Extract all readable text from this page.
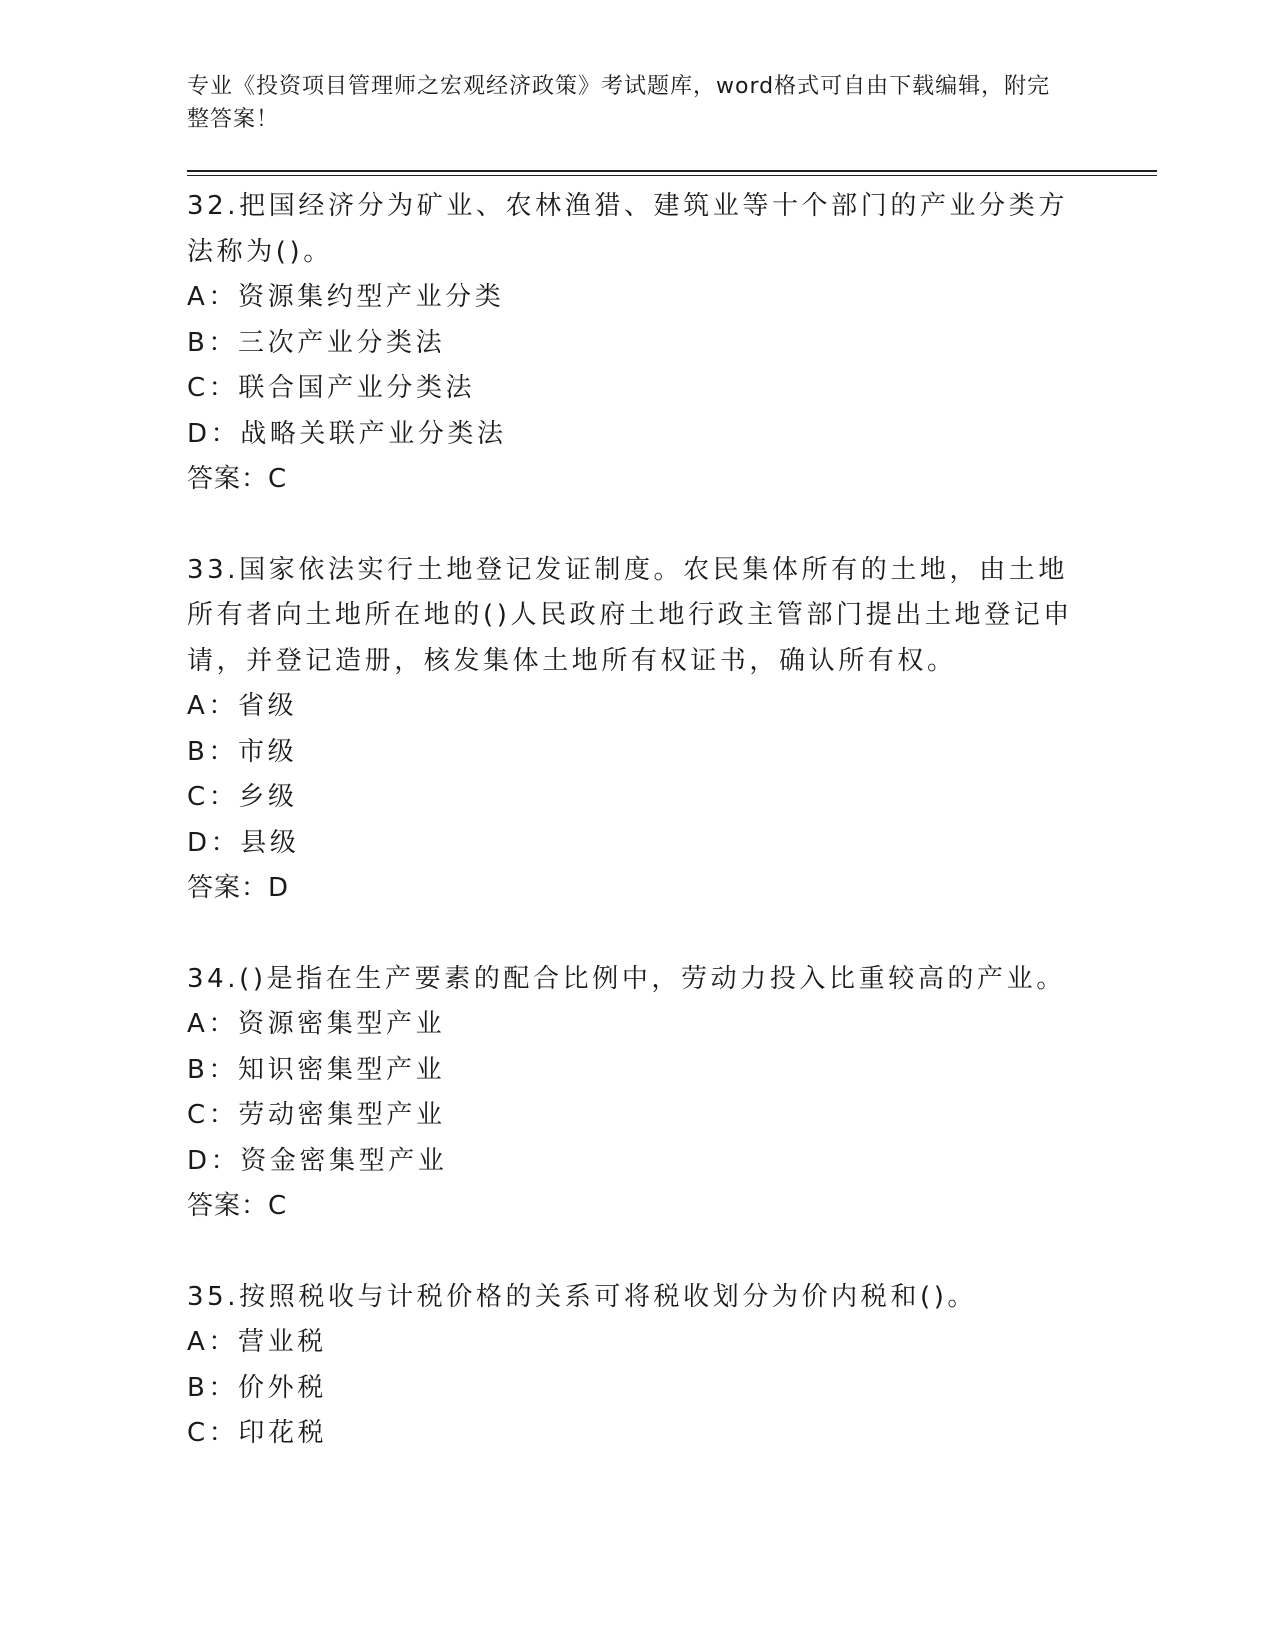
专业《投资项目管理师之宏观经济政策》考试题库，word格式可自由下载编辑，附完整答案！
32.把国经济分为矿业、农林渔猎、建筑业等十个部门的产业分类方法称为()。
A：资源集约型产业分类
B：三次产业分类法
C：联合国产业分类法
D：战略关联产业分类法
答案：C
33.国家依法实行土地登记发证制度。农民集体所有的土地，由土地所有者向土地所在地的()人民政府土地行政主管部门提出土地登记申请，并登记造册，核发集体土地所有权证书，确认所有权。
A：省级
B：市级
C：乡级
D：县级
答案：D
34.()是指在生产要素的配合比例中，劳动力投入比重较高的产业。
A：资源密集型产业
B：知识密集型产业
C：劳动密集型产业
D：资金密集型产业
答案：C
35.按照税收与计税价格的关系可将税收划分为价内税和()。
A：营业税
B：价外税
C：印花税
